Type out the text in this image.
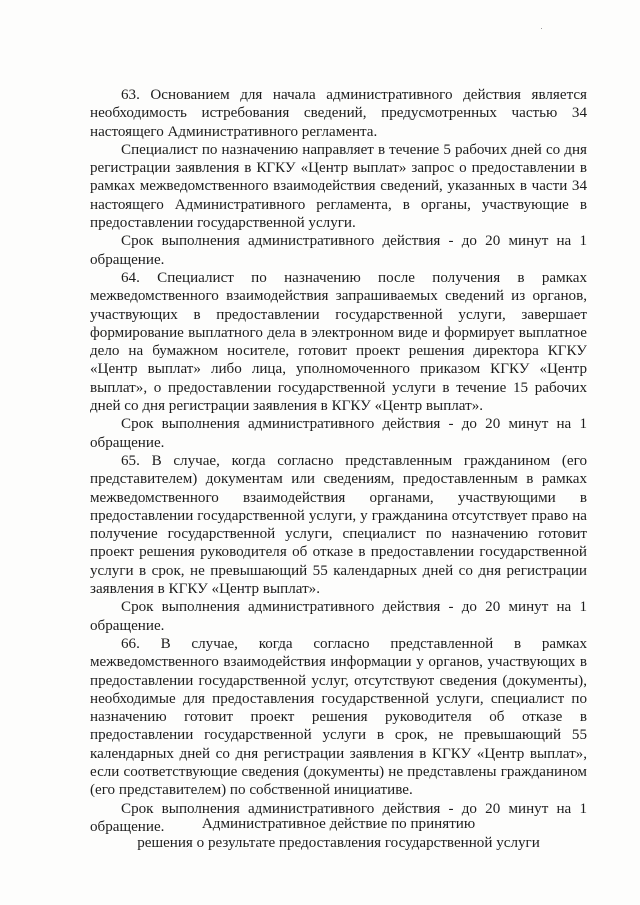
63. Основанием для начала административного действия является необходимость истребования сведений, предусмотренных частью 34 настоящего Административного регламента.

Специалист по назначению направляет в течение 5 рабочих дней со дня регистрации заявления в КГКУ «Центр выплат» запрос о предоставлении в рамках межведомственного взаимодействия сведений, указанных в части 34 настоящего Административного регламента, в органы, участвующие в предоставлении государственной услуги.

Срок выполнения административного действия - до 20 минут на 1 обращение.

64. Специалист по назначению после получения в рамках межведомственного взаимодействия запрашиваемых сведений из органов, участвующих в предоставлении государственной услуги, завершает формирование выплатного дела в электронном виде и формирует выплатное дело на бумажном носителе, готовит проект решения директора КГКУ «Центр выплат» либо лица, уполномоченного приказом КГКУ «Центр выплат», о предоставлении государственной услуги в течение 15 рабочих дней со дня регистрации заявления в КГКУ «Центр выплат».

Срок выполнения административного действия - до 20 минут на 1 обращение.

65. В случае, когда согласно представленным гражданином (его представителем) документам или сведениям, предоставленным в рамках межведомственного взаимодействия органами, участвующими в предоставлении государственной услуги, у гражданина отсутствует право на получение государственной услуги, специалист по назначению готовит проект решения руководителя об отказе в предоставлении государственной услуги в срок, не превышающий 55 календарных дней со дня регистрации заявления в КГКУ «Центр выплат».

Срок выполнения административного действия - до 20 минут на 1 обращение.

66. В случае, когда согласно представленной в рамках межведомственного взаимодействия информации у органов, участвующих в предоставлении государственной услуг, отсутствуют сведения (документы), необходимые для предоставления государственной услуги, специалист по назначению готовит проект решения руководителя об отказе в предоставлении государственной услуги в срок, не превышающий 55 календарных дней со дня регистрации заявления в КГКУ «Центр выплат», если соответствующие сведения (документы) не представлены гражданином (его представителем) по собственной инициативе.

Срок выполнения административного действия - до 20 минут на 1 обращение.	Административное действие по принятию
решения о результате предоставления государственной услуги
